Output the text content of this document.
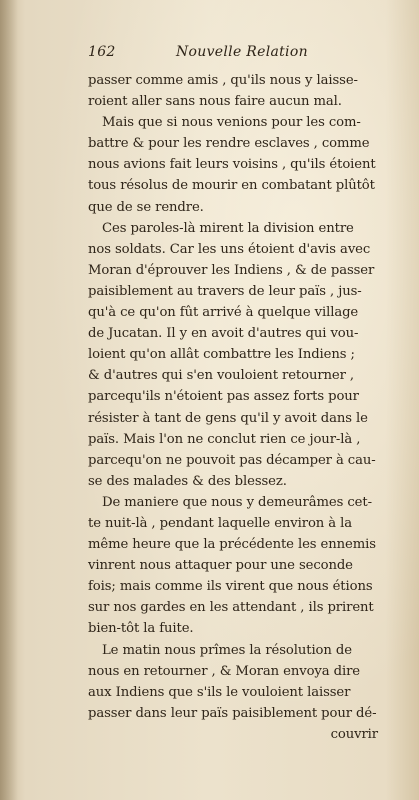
162	Nouvelle Relation
passer comme amis , qu'ils nous y laisse-
roient aller sans nous faire aucun mal.
Mais que si nous venions pour les com-
battre & pour les rendre esclaves , comme
nous avions fait leurs voisins , qu'ils étoient
tous résolus de mourir en combatant plûtôt
que de se rendre.
Ces paroles-là mirent la division entre
nos soldats. Car les uns étoient d'avis avec
Moran d'éprouver les Indiens , & de passer
paisiblement au travers de leur païs , jus-
qu'à ce qu'on fût arrivé à quelque village
de Jucatan. Il y en avoit d'autres qui vou-
loient qu'on allât combattre les Indiens ;
& d'autres qui s'en vouloient retourner ,
parcequ'ils n'étoient pas assez forts pour
résister à tant de gens qu'il y avoit dans le
païs. Mais l'on ne conclut rien ce jour-là ,
parcequ'on ne pouvoit pas décamper à cau-
se des malades & des blessez.
De maniere que nous y demeurâmes cet-
te nuit-là , pendant laquelle environ à la
même heure que la précédente les ennemis
vinrent nous attaquer pour une seconde
fois; mais comme ils virent que nous étions
sur nos gardes en les attendant , ils prirent
bien-tôt la fuite.
Le matin nous prîmes la résolution de
nous en retourner , & Moran envoya dire
aux Indiens que s'ils le vouloient laisser
passer dans leur païs paisiblement pour dé-
couvrir
